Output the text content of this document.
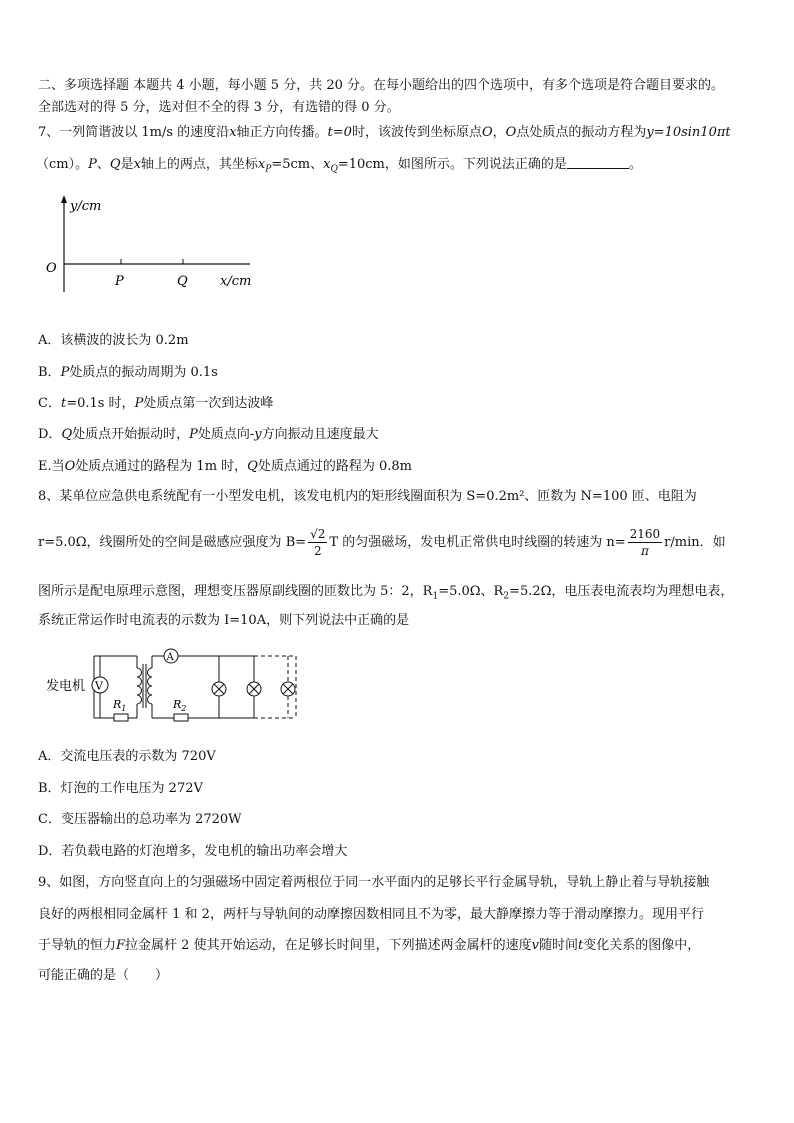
二、多项选择题 本题共 4 小题，每小题 5 分，共 20 分。在每小题给出的四个选项中，有多个选项是符合题目要求的。
全部选对的得 5 分，选对但不全的得 3 分，有选错的得 0 分。
7、一列简谐波以 1m/s 的速度沿x轴正方向传播。t=0时，该波传到坐标原点O，O点处质点的振动方程为y=10sin10πt
（cm）。P、Q是x轴上的两点，其坐标$x_P=5cm$、$x_Q=10cm$，如图所示。下列说法正确的是	。
y/cm
O
P	Q x/cm
A．该横波的波长为 0.2m
B．P处质点的振动周期为 0.1s
C．t=0.1s 时，P处质点第一次到达波峰
D．Q处质点开始振动时，P处质点向-y方向振动且速度最大
E.当O处质点通过的路程为 1m 时，Q处质点通过的路程为 0.8m
8、某单位应急供电系统配有一小型发电机，该发电机内的矩形线圈面积为 S=0.2m²、匝数为 N=100 匝、电阻为
r=5.0Ω，线圈所处的空间是磁感应强度为 $B= \frac{√2}{2}$ T 的匀强磁场，发电机正常供电时线圈的转速为 $n= \frac{2160}{\pi} r/\min$．如
图所示是配电原理示意图，理想变压器原副线圈的匝数比为 5：2，$R_1=5.0\Omega$、$R_2=5.2\Omega$，电压表电流表均为理想电表，
系统正常运作时电流表的示数为 I=10A，则下列说法中正确的是
发电机 V
$R_1$
A
$R_2$
A．交流电压表的示数为 720V
B．灯泡的工作电压为 272V
C．变压器输出的总功率为 2720W
D．若负载电路的灯泡增多，发电机的输出功率会增大
9、如图，方向竖直向上的匀强磁场中固定着两根位于同一水平面内的足够长平行金属导轨，导轨上静止着与导轨接触
良好的两根相同金属杆 1 和 2，两杆与导轨间的动摩擦因数相同且不为零，最大静摩擦力等于滑动摩擦力。现用平行
于导轨的恒力F拉金属杆 2 使其开始运动，在足够长时间里，下列描述两金属杆的速度v随时间t变化关系的图像中，
可能正确的是（　　）
